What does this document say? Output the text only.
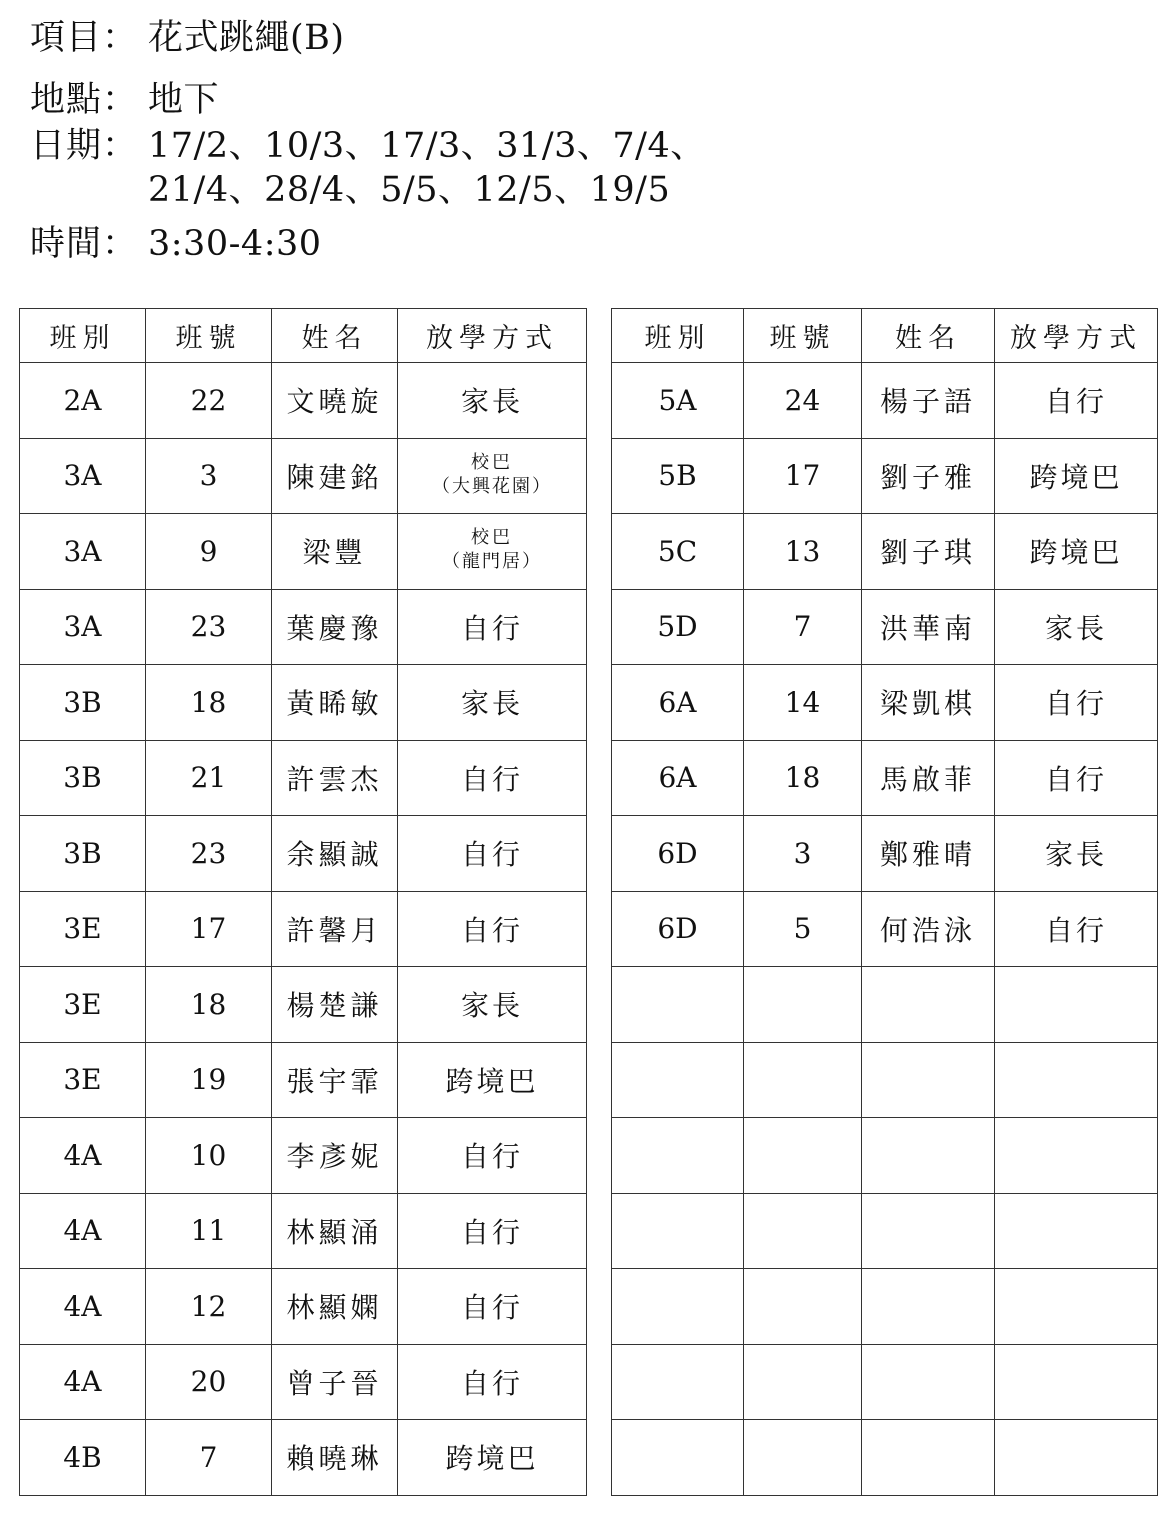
項目： 花式跳繩(B)
地點： 地下
日期： 17/2、10/3、17/3、31/3、7/4、
21/4、28/4、5/5、12/5、19/5
時間： 3:30-4:30
班別	班號	姓名	放學方式
2A	22	文曉旋	家長
3A	3	陳建銘	校巴
（大興花園）

3A	9	梁豐	校巴
（龍門居）

3A	23	葉慶豫	自行
3B	18	黃睎敏	家長
3B	21	許雲杰	自行
3B	23	余顯誠	自行
3E	17	許馨月	自行
3E	18	楊楚謙	家長
3E	19	張宇霏	跨境巴
4A	10	李彥妮	自行
4A	11	林顯涌	自行
4A	12	林顯嫻	自行
4A	20	曾子晉	自行
4B	7	賴曉琳	跨境巴
班別	班號	姓名	放學方式
5A	24	楊子語	自行
5B	17	劉子雅	跨境巴
5C	13	劉子琪	跨境巴
5D	7	洪華南	家長
6A	14	梁凱棋	自行
6A	18	馬啟菲	自行
6D	3	鄭雅晴	家長
6D	5	何浩泳	自行
